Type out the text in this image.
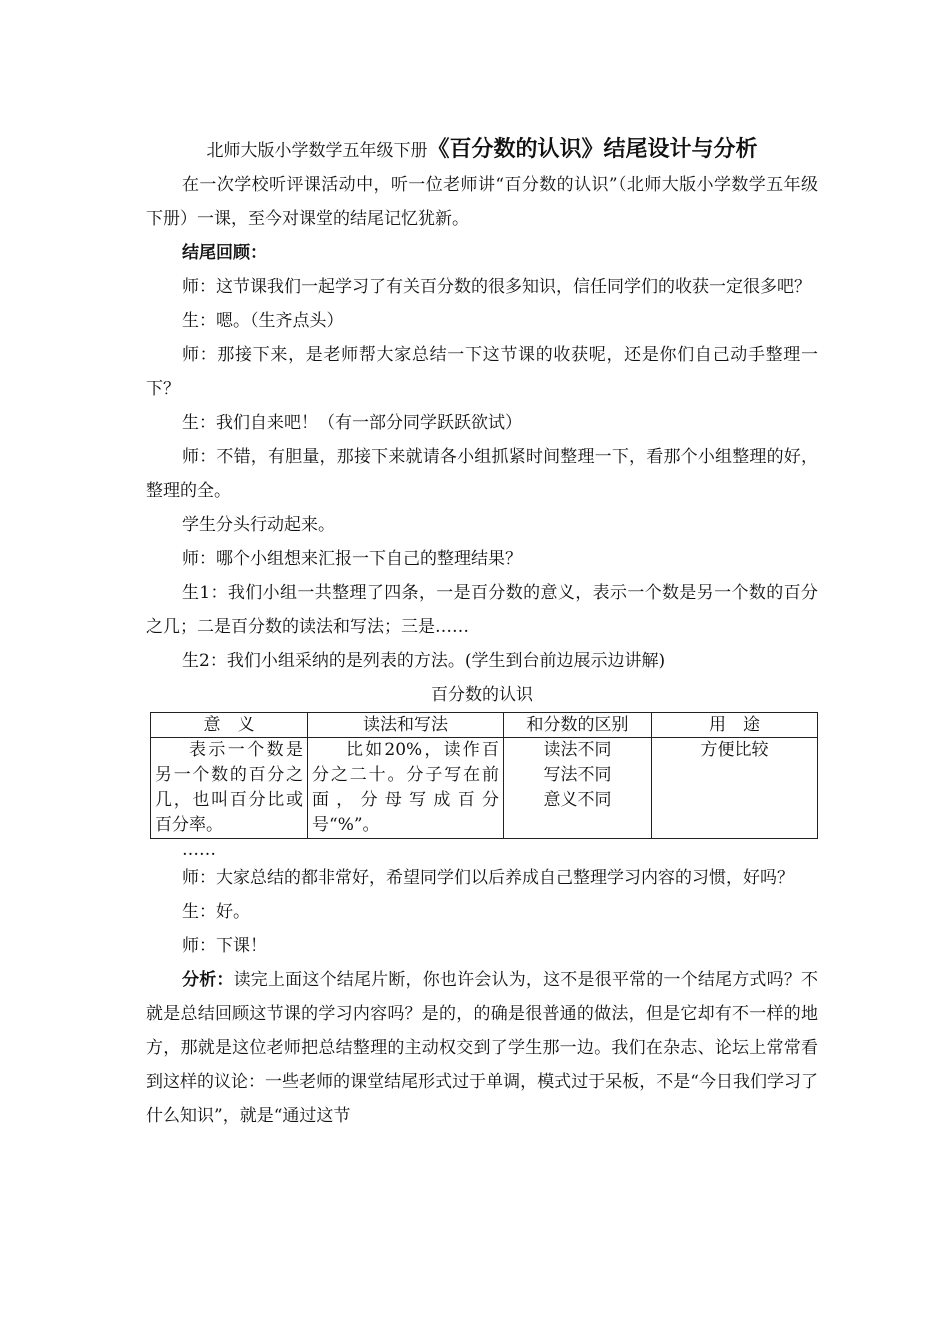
北师大版小学数学五年级下册《百分数的认识》结尾设计与分析

在一次学校听评课活动中，听一位老师讲“百分数的认识”（北师大版小学数学五年级下册）一课，至今对课堂的结尾记忆犹新。

结尾回顾：

师：这节课我们一起学习了有关百分数的很多知识，信任同学们的收获一定很多吧？

生：嗯。（生齐点头）

师：那接下来，是老师帮大家总结一下这节课的收获呢，还是你们自己动手整理一下？

生：我们自来吧！（有一部分同学跃跃欲试）

师：不错，有胆量，那接下来就请各小组抓紧时间整理一下，看那个小组整理的好，整理的全。

学生分头行动起来。

师：哪个小组想来汇报一下自己的整理结果？

生1：我们小组一共整理了四条，一是百分数的意义，表示一个数是另一个数的百分之几；二是百分数的读法和写法；三是……

生2：我们小组采纳的是列表的方法。(学生到台前边展示边讲解)

百分数的认识
意　义	读法和写法	和分数的区别	用　途
表示一个数是另一个数的百分之几，也叫百分比或百分率。	比如20%，读作百分之二十。分子写在前面，分母写成百分号“%”。	读法不同
写法不同
意义不同	方便比较
……

师：大家总结的都非常好，希望同学们以后养成自己整理学习内容的习惯，好吗？

生：好。

师：下课！

分析：读完上面这个结尾片断，你也许会认为，这不是很平常的一个结尾方式吗？不就是总结回顾这节课的学习内容吗？是的，的确是很普通的做法，但是它却有不一样的地方，那就是这位老师把总结整理的主动权交到了学生那一边。我们在杂志、论坛上常常看到这样的议论：一些老师的课堂结尾形式过于单调，模式过于呆板，不是“今日我们学习了什么知识”，就是“通过这节
